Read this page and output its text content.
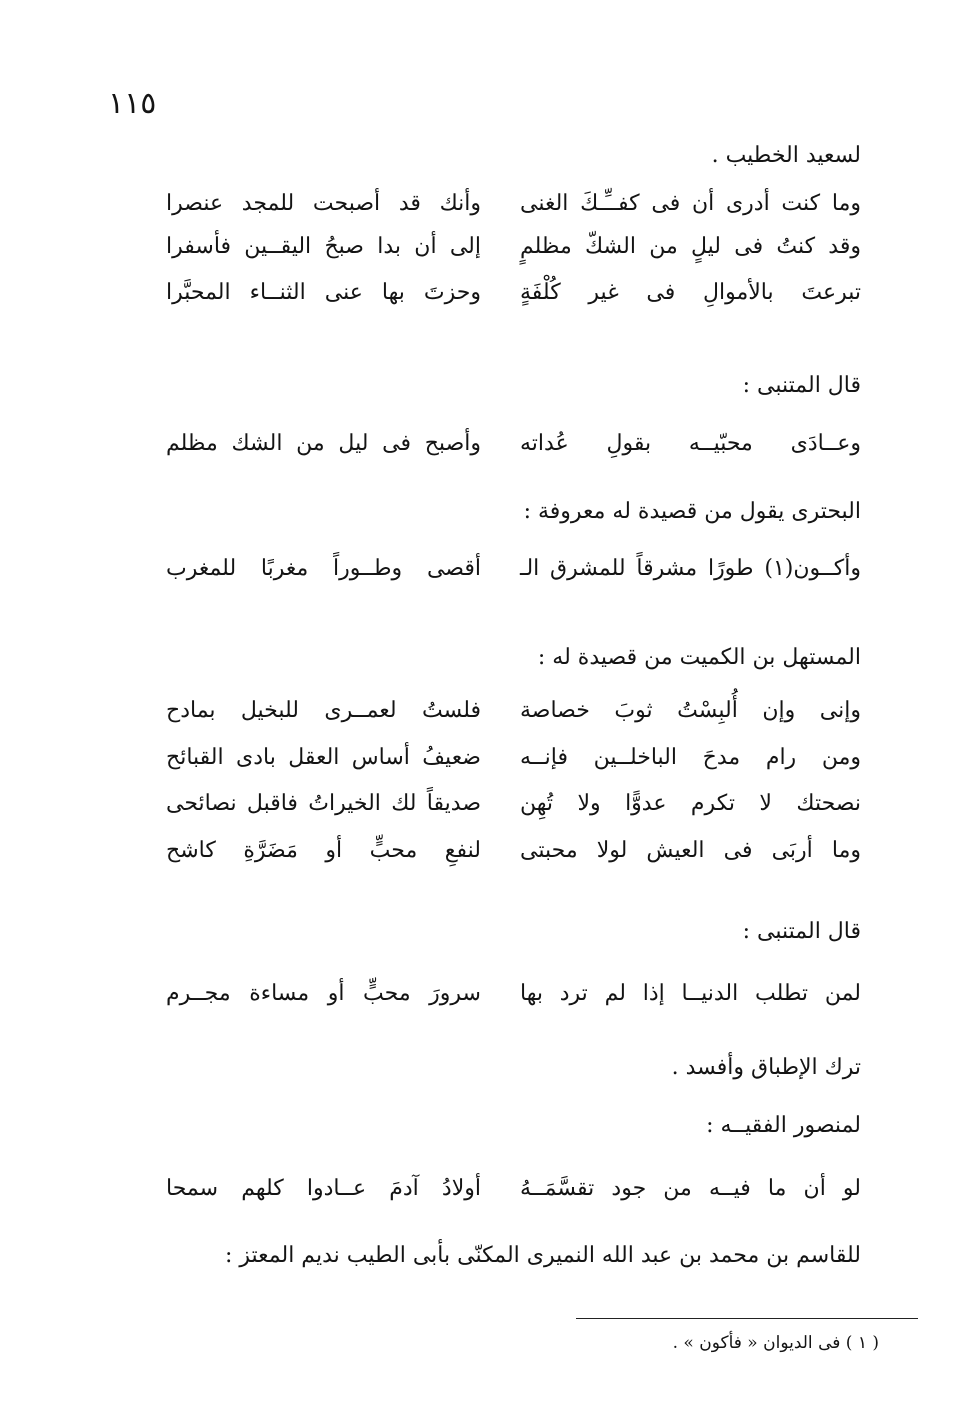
١١٥
لسعيد الخطيب .
وما كنت أدرى أن فى كفــِّـكَ الغنى
وأنك قد أصبحت للمجد عنصرا
وقد كنتُ فى ليلٍ من الشكّ مظلمٍ
إلى أن بدا صبحُ اليقــين فأسفرا
تبرعتَ بالأموالِ فى غير كُلْفَةٍ
وحزتَ بها عنى الثنــاء المحبَّرا
قال المتنبى :
وعــادَى محبّيــه بقولِ عُداته
وأصبح فى ليل من الشك مظلم
البحترى يقول من قصيدة له معروفة :
وأكــون(١) طورًا مشرقاً للمشرق الـ
أقصى وطــوراً مغربًا للمغرب
المستهل بن الكميت من قصيدة له :
وإنى وإن أُلبِسْتُ ثوبَ خصاصة
فلستُ لعمــرى للبخيل بمادح
ومن رام مدحَ الباخلــين فإنــه
ضعيفُ أساس العقل بادى القبائح
نصحتك لا تكرم عدوًّا ولا تُهِن
صديقاً لك الخيراتُ فاقبل نصائحى
وما أربَى فى العيش لولا محبتى
لنفعِ محبٍّ أو مَضَرَّةِ كاشح
قال المتنبى :
لمن تطلب الدنيــا إذا لم ترد بها
سرورَ محبٍّ أو مساءة مجــرم
ترك الإطباق وأفسد .
لمنصور الفقيــه :
لو أن ما فيــه من جود تقسَّمَــهُ
أولادُ آدمَ عــادوا كلهم سمحا
للقاسم بن محمد بن عبد الله النميرى المكنّى بأبى الطيب نديم المعتز :
( ١ ) فى الديوان « فأكون » .
